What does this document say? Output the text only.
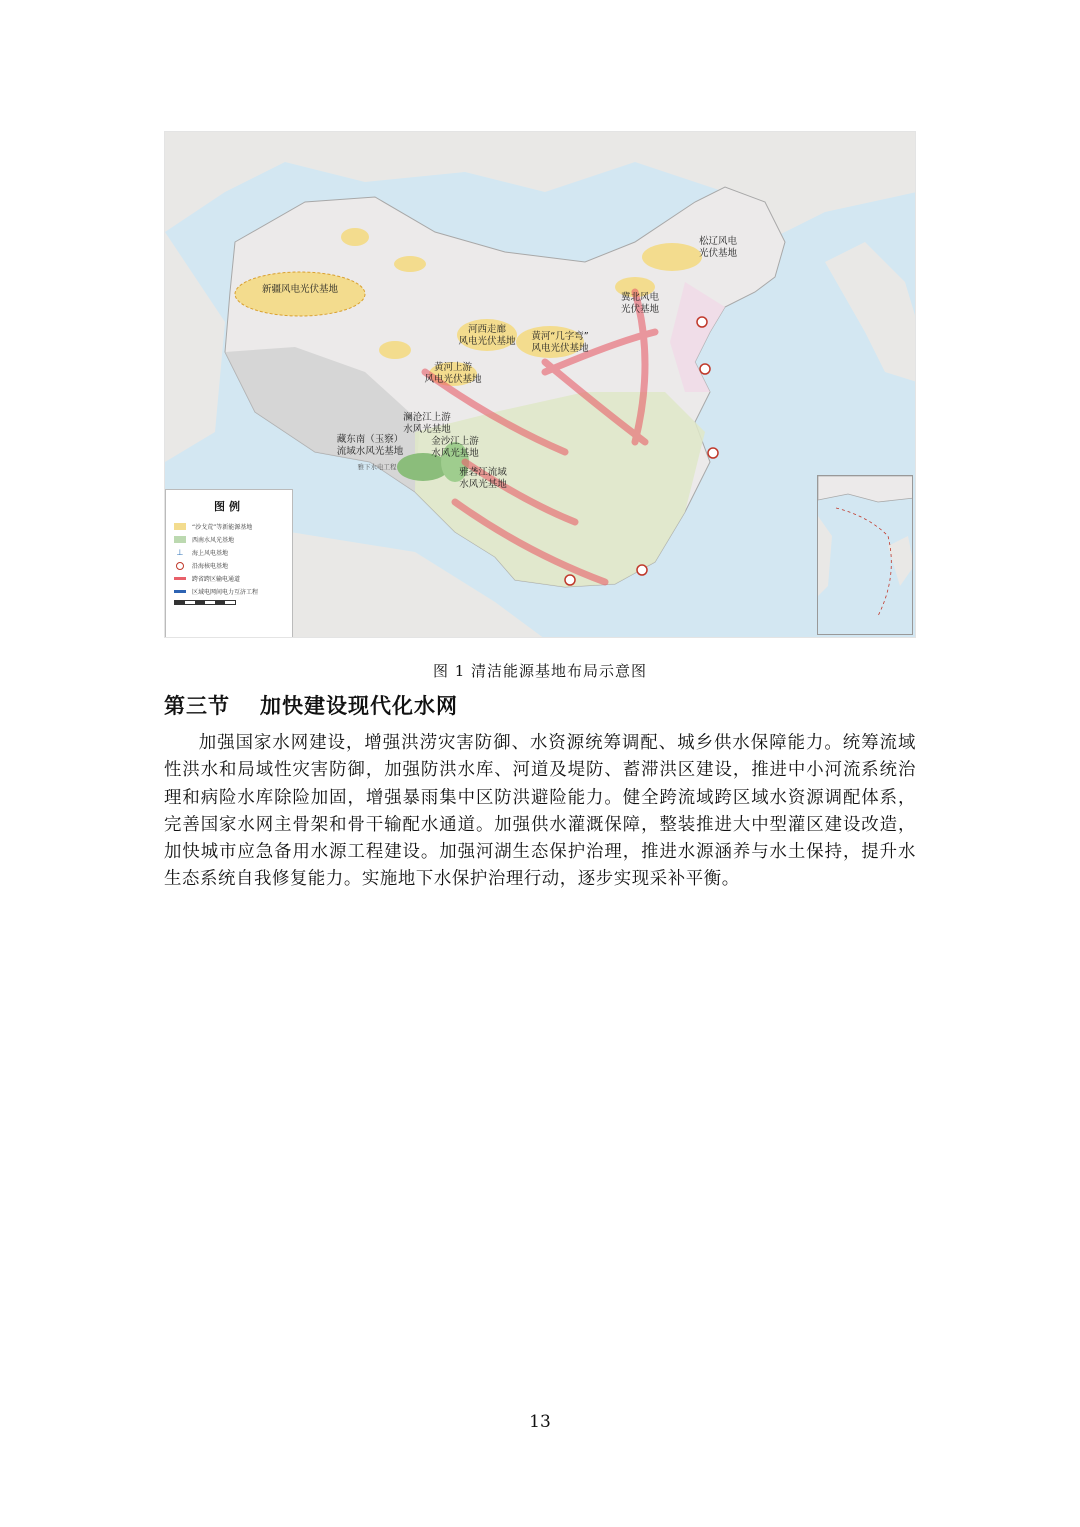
新疆风电光伏基地
河西走廊
风电光伏基地 黄河“几字弯”
风电光伏基地
黄河上游
风电光伏基地
澜沧江上游
水风光基地
藏东南（玉察）
流域水风光基地
雅下水电工程
金沙江上游
水风光基地
雅砻江流域
水风光基地
松辽风电
光伏基地
冀北风电
光伏基地
图例
“沙戈荒”等新能源基地
西南水风光基地
⊥	海上风电基地
沿海核电基地
跨省跨区输电通道
区域电网间电力互济工程
图 1 清洁能源基地布局示意图
第三节 加快建设现代化水网

加强国家水网建设，增强洪涝灾害防御、水资源统筹调配、城乡供水保障能力。统筹流域性洪水和局域性灾害防御，加强防洪水库、河道及堤防、蓄滞洪区建设，推进中小河流系统治理和病险水库除险加固，增强暴雨集中区防洪避险能力。健全跨流域跨区域水资源调配体系，完善国家水网主骨架和骨干输配水通道。加强供水灌溉保障，整装推进大中型灌区建设改造，加快城市应急备用水源工程建设。加强河湖生态保护治理，推进水源涵养与水土保持，提升水生态系统自我修复能力。实施地下水保护治理行动，逐步实现采补平衡。

13
